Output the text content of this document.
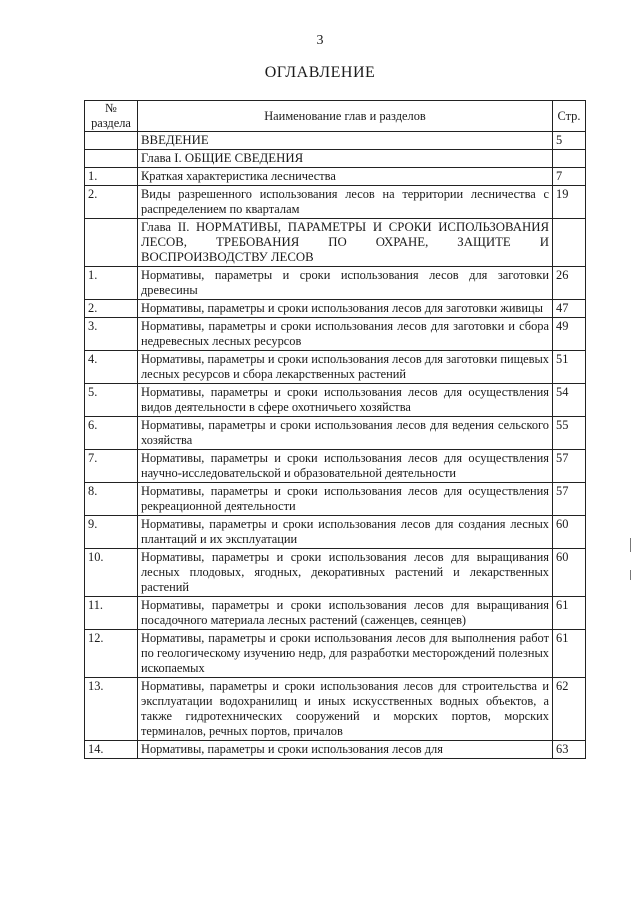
3
ОГЛАВЛЕНИЕ
№ раздела	Наименование глав и разделов	Стр.
	ВВЕДЕНИЕ	5
	Глава I. ОБЩИЕ СВЕДЕНИЯ	
1.	Краткая характеристика лесничества	7
2.	Виды разрешенного использования лесов на территории лесничества с распределением по кварталам	19
	Глава II. НОРМАТИВЫ, ПАРАМЕТРЫ И СРОКИ ИСПОЛЬЗОВАНИЯ ЛЕСОВ, ТРЕБОВАНИЯ ПО ОХРАНЕ, ЗАЩИТЕ И ВОСПРОИЗВОДСТВУ ЛЕСОВ	
1.	Нормативы, параметры и сроки использования лесов для заготовки древесины	26
2.	Нормативы, параметры и сроки использования лесов для заготовки живицы	47
3.	Нормативы, параметры и сроки использования лесов для заготовки и сбора недревесных лесных ресурсов	49
4.	Нормативы, параметры и сроки использования лесов для заготовки пищевых лесных ресурсов и сбора лекарственных растений	51
5.	Нормативы, параметры и сроки использования лесов для осуществления видов деятельности в сфере охотничьего хозяйства	54
6.	Нормативы, параметры и сроки использования лесов для ведения сельского хозяйства	55
7.	Нормативы, параметры и сроки использования лесов для осуществления научно-исследовательской и образовательной деятельности	57
8.	Нормативы, параметры и сроки использования лесов для осуществления рекреационной деятельности	57
9.	Нормативы, параметры и сроки использования лесов для создания лесных плантаций и их эксплуатации	60
10.	Нормативы, параметры и сроки использования лесов для выращивания лесных плодовых, ягодных, декоративных растений и лекарственных растений	60
11.	Нормативы, параметры и сроки использования лесов для выращивания посадочного материала лесных растений (саженцев, сеянцев)	61
12.	Нормативы, параметры и сроки использования лесов для выполнения работ по геологическому изучению недр, для разработки месторождений полезных ископаемых	61
13.	Нормативы, параметры и сроки использования лесов для строительства и эксплуатации водохранилищ и иных искусственных водных объектов, а также гидротехнических сооружений и морских портов, морских терминалов, речных портов, причалов	62
14.	Нормативы, параметры и сроки использования лесов для	63
